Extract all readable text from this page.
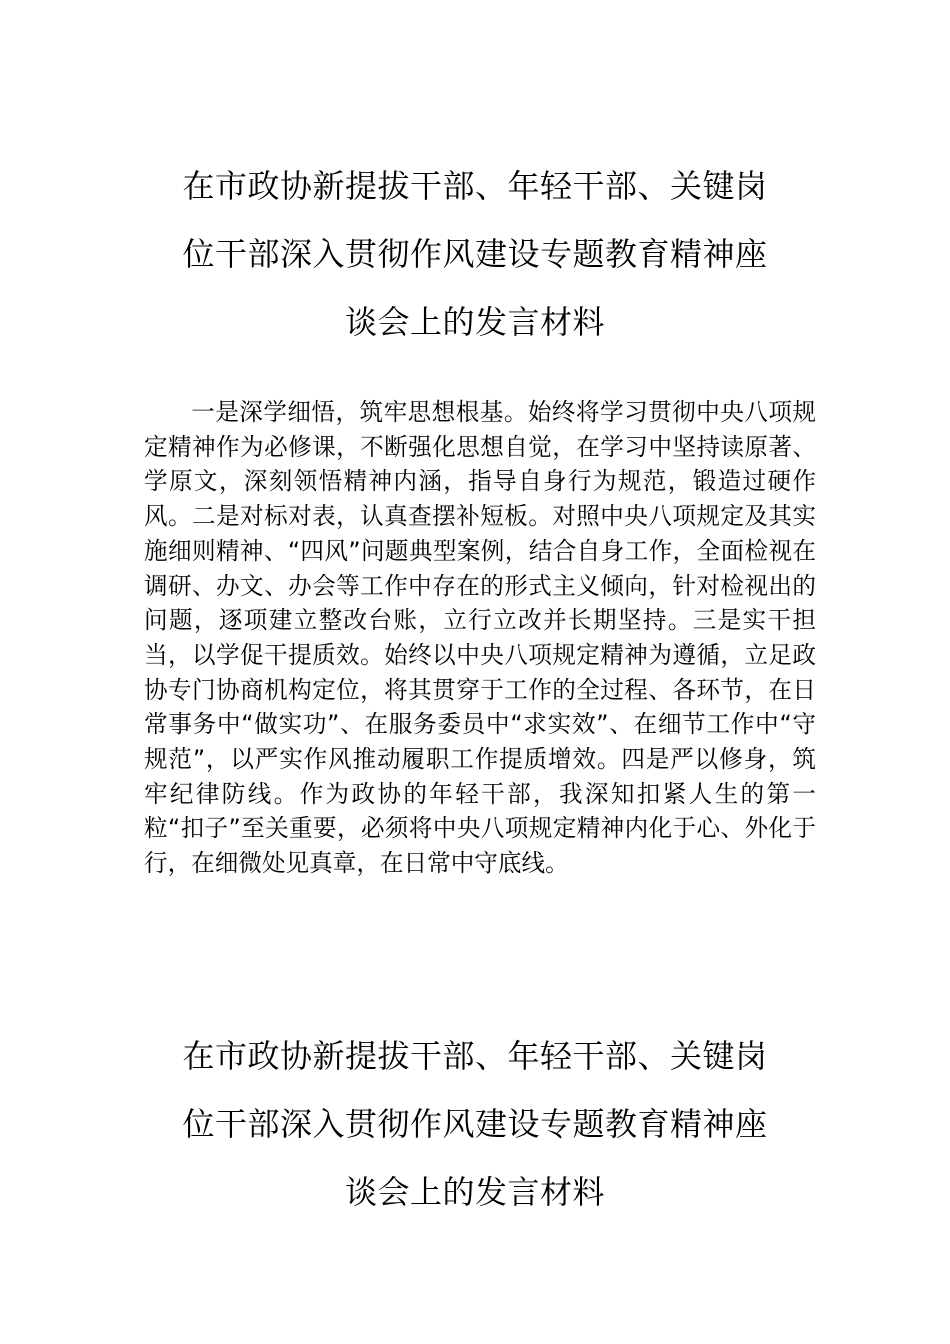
在市政协新提拔干部、年轻干部、关键岗
位干部深入贯彻作风建设专题教育精神座
谈会上的发言材料

一是深学细悟，筑牢思想根基。始终将学习贯彻中央八项规定精神作为必修课，不断强化思想自觉，在学习中坚持读原著、学原文，深刻领悟精神内涵，指导自身行为规范，锻造过硬作风。二是对标对表，认真查摆补短板。对照中央八项规定及其实施细则精神、“四风”问题典型案例，结合自身工作，全面检视在调研、办文、办会等工作中存在的形式主义倾向，针对检视出的问题，逐项建立整改台账，立行立改并长期坚持。三是实干担当，以学促干提质效。始终以中央八项规定精神为遵循，立足政协专门协商机构定位，将其贯穿于工作的全过程、各环节，在日常事务中“做实功”、在服务委员中“求实效”、在细节工作中“守规范”，以严实作风推动履职工作提质增效。四是严以修身，筑牢纪律防线。作为政协的年轻干部，我深知扣紧人生的第一粒“扣子”至关重要，必须将中央八项规定精神内化于心、外化于行，在细微处见真章，在日常中守底线。

在市政协新提拔干部、年轻干部、关键岗
位干部深入贯彻作风建设专题教育精神座
谈会上的发言材料
